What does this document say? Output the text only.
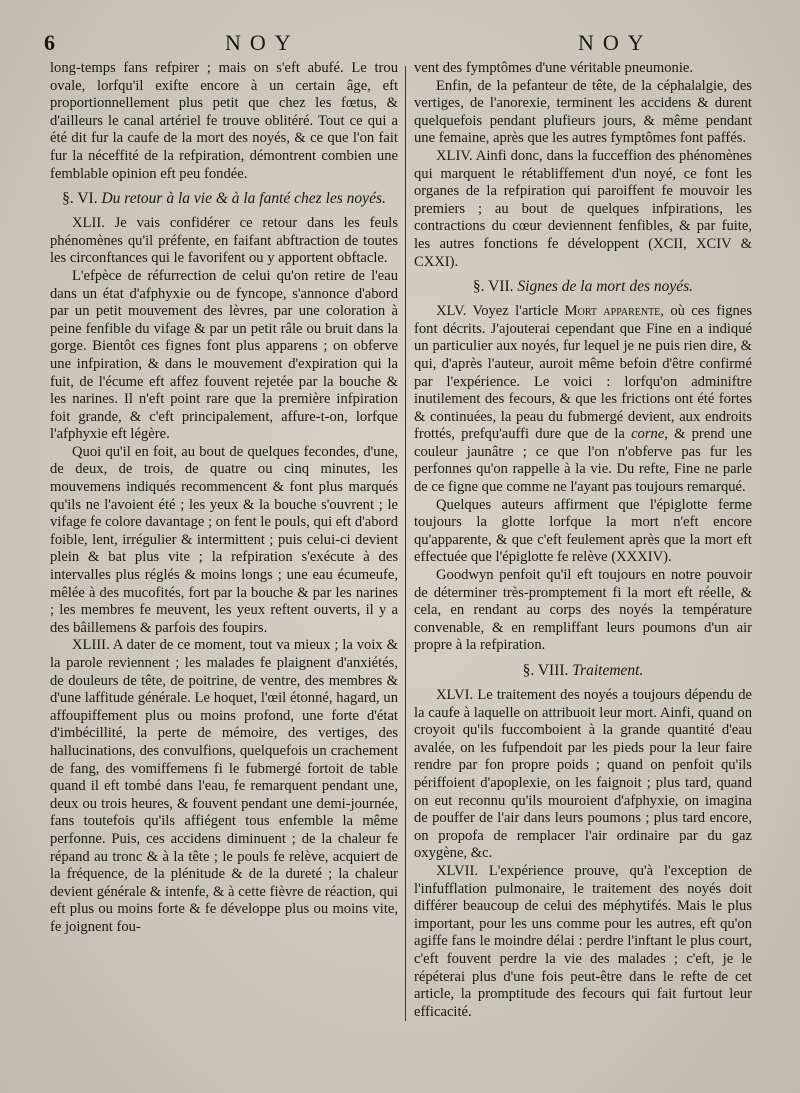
6	NOY	NOY

long-temps fans refpirer ; mais on s'eft abufé. Le trou ovale, lorfqu'il exifte encore à un certain âge, eft proportionnellement plus petit que chez les fœtus, & d'ailleurs le canal artériel fe trouve oblitéré. Tout ce qui a été dit fur la caufe de la mort des noyés, & ce que l'on fait fur la néceffité de la refpiration, démontrent combien une femblable opinion eft peu fondée.

§. VI. Du retour à la vie & à la fanté chez les noyés.

XLII. Je vais confidérer ce retour dans les feuls phénomènes qu'il préfente, en faifant abftraction de toutes les circonftances qui le favorifent ou y apportent obftacle.

L'efpèce de réfurrection de celui qu'on retire de l'eau dans un état d'afphyxie ou de fyncope, s'annonce d'abord par un petit mouvement des lèvres, par une coloration à peine fenfible du vifage & par un petit râle ou bruit dans la gorge. Bientôt ces fignes font plus apparens ; on obferve une infpiration, & dans le mouvement d'expiration qui la fuit, de l'écume eft affez fouvent rejetée par la bouche & les narines. Il n'eft point rare que la première infpiration foit grande, & c'eft principalement, affure-t-on, lorfque l'afphyxie eft légère.

Quoi qu'il en foit, au bout de quelques fecondes, d'une, de deux, de trois, de quatre ou cinq minutes, les mouvemens indiqués recommencent & font plus marqués qu'ils ne l'avoient été ; les yeux & la bouche s'ouvrent ; le vifage fe colore davantage ; on fent le pouls, qui eft d'abord foible, lent, irrégulier & intermittent ; puis celui-ci devient plein & bat plus vite ; la refpiration s'exécute à des intervalles plus réglés & moins longs ; une eau écumeufe, mêlée à des mucofités, fort par la bouche & par les narines ; les membres fe meuvent, les yeux reftent ouverts, il y a des bâillemens & parfois des foupirs.

XLIII. A dater de ce moment, tout va mieux ; la voix & la parole reviennent ; les malades fe plaignent d'anxiétés, de douleurs de tête, de poitrine, de ventre, des membres & d'une laffitude générale. Le hoquet, l'œil étonné, hagard, un affoupiffement plus ou moins profond, une forte d'état d'imbécillité, la perte de mémoire, des vertiges, des hallucinations, des convulfions, quelquefois un crachement de fang, des vomiffemens fi le fubmergé fortoit de table quand il eft tombé dans l'eau, fe remarquent pendant une, deux ou trois heures, & fouvent pendant une demi-journée, fans toutefois qu'ils affiégent tous enfemble la même perfonne. Puis, ces accidens diminuent ; de la chaleur fe répand au tronc & à la tête ; le pouls fe relève, acquiert de la fréquence, de la plénitude & de la dureté ; la chaleur devient générale & intenfe, & à cette fièvre de réaction, qui eft plus ou moins forte & fe développe plus ou moins vite, fe joignent fou-

vent des fymptômes d'une véritable pneumonie.

Enfin, de la pefanteur de tête, de la céphalalgie, des vertiges, de l'anorexie, terminent les accidens & durent quelquefois pendant plufieurs jours, & même pendant une femaine, après que les autres fymptômes font paffés.

XLIV. Ainfi donc, dans la fucceffion des phénomènes qui marquent le rétabliffement d'un noyé, ce font les organes de la refpiration qui paroiffent fe mouvoir les premiers ; au bout de quelques infpirations, les contractions du cœur deviennent fenfibles, & par fuite, les autres fonctions fe développent (XCII, XCIV & CXXI).

§. VII. Signes de la mort des noyés.

XLV. Voyez l'article Mort apparente, où ces fignes font décrits. J'ajouterai cependant que Fine en a indiqué un particulier aux noyés, fur lequel je ne puis rien dire, & qui, d'après l'auteur, auroit même befoin d'être confirmé par l'expérience. Le voici : lorfqu'on adminiftre inutilement des fecours, & que les frictions ont été fortes & continuées, la peau du fubmergé devient, aux endroits frottés, prefqu'auffi dure que de la corne, & prend une couleur jaunâtre ; ce que l'on n'obferve pas fur les perfonnes qu'on rappelle à la vie. Du refte, Fine ne parle de ce figne que comme ne l'ayant pas toujours remarqué.

Quelques auteurs affirment que l'épiglotte ferme toujours la glotte lorfque la mort n'eft encore qu'apparente, & que c'eft feulement après que la mort eft effectuée que l'épiglotte fe relève (XXXIV).

Goodwyn penfoit qu'il eft toujours en notre pouvoir de déterminer très-promptement fi la mort eft réelle, & cela, en rendant au corps des noyés la température convenable, & en rempliffant leurs poumons d'un air propre à la refpiration.

§. VIII. Traitement.

XLVI. Le traitement des noyés a toujours dépendu de la caufe à laquelle on attribuoit leur mort. Ainfi, quand on croyoit qu'ils fuccomboient à la grande quantité d'eau avalée, on les fufpendoit par les pieds pour la leur faire rendre par fon propre poids ; quand on penfoit qu'ils périffoient d'apoplexie, on les faignoit ; plus tard, quand on eut reconnu qu'ils mouroient d'afphyxie, on imagina de pouffer de l'air dans leurs poumons ; plus tard encore, on propofa de remplacer l'air ordinaire par du gaz oxygène, &c.

XLVII. L'expérience prouve, qu'à l'exception de l'infufflation pulmonaire, le traitement des noyés doit différer beaucoup de celui des méphytifés. Mais le plus important, pour les uns comme pour les autres, eft qu'on agiffe fans le moindre délai : perdre l'inftant le plus court, c'eft fouvent perdre la vie des malades ; c'eft, je le répéterai plus d'une fois peut-être dans le refte de cet article, la promptitude des fecours qui fait furtout leur efficacité.
